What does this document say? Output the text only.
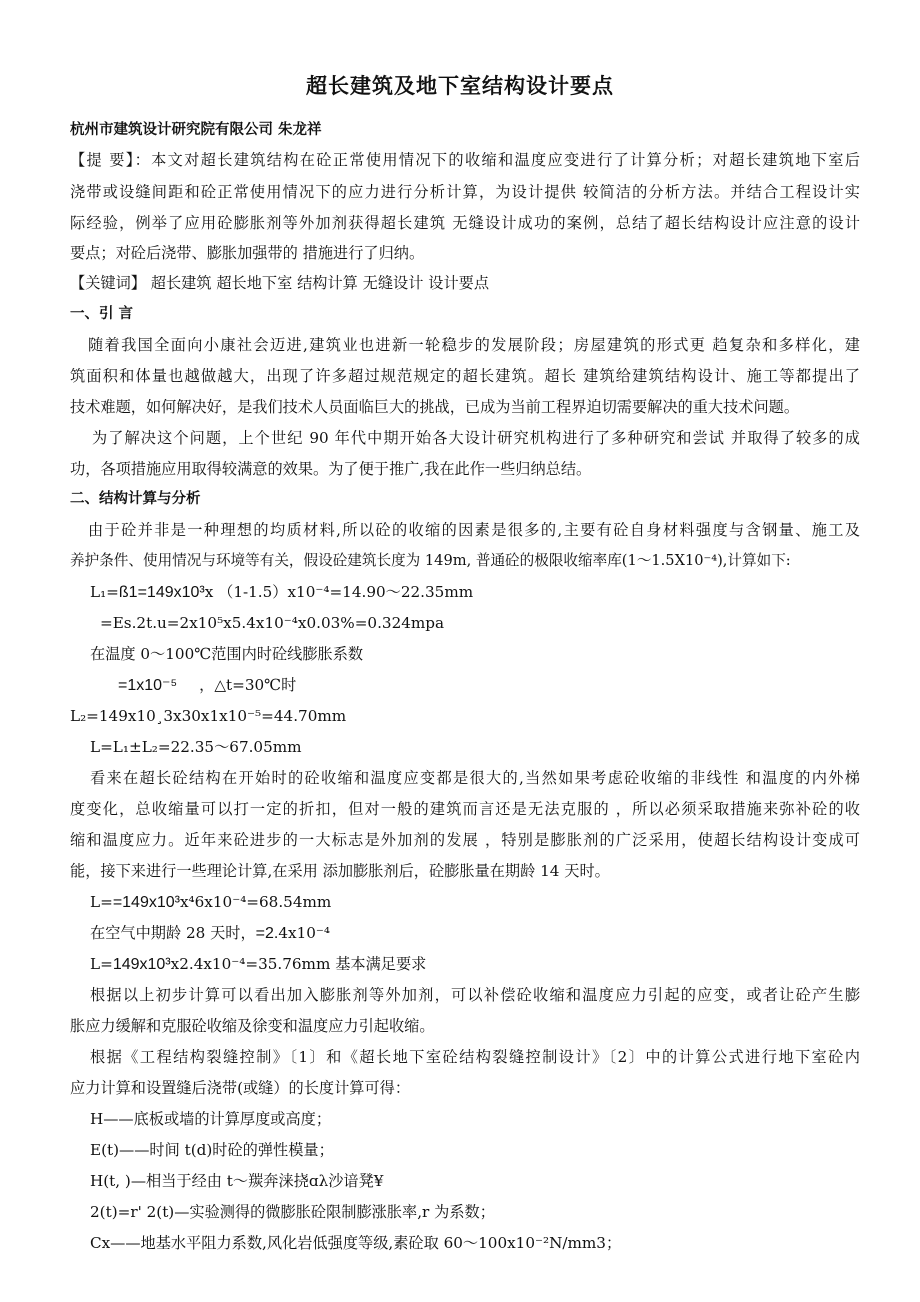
超长建筑及地下室结构设计要点
杭州市建筑设计研究院有限公司 朱龙祥
【提 要】：本文对超长建筑结构在砼正常使用情况下的收缩和温度应变进行了计算分析；对超长建筑地下室后
浇带或设缝间距和砼正常使用情况下的应力进行分析计算，为设计提供 较简洁的分析方法。并结合工程设计实
际经验，例举了应用砼膨胀剂等外加剂获得超长建筑 无缝设计成功的案例，总结了超长结构设计应注意的设计
要点；对砼后浇带、膨胀加强带的 措施进行了归纳。
【关键词】 超长建筑 超长地下室 结构计算 无缝设计 设计要点
一、引 言
随着我国全面向小康社会迈进,建筑业也进新一轮稳步的发展阶段；房屋建筑的形式更 趋复杂和多样化，建
筑面积和体量也越做越大，出现了许多超过规范规定的超长建筑。超长 建筑给建筑结构设计、施工等都提出了
技术难题，如何解决好，是我们技术人员面临巨大的挑战，已成为当前工程界迫切需要解决的重大技术问题。
为了解决这个问题，上个世纪 90 年代中期开始各大设计研究机构进行了多种研究和尝试 并取得了较多的成
功，各项措施应用取得较满意的效果。为了便于推广,我在此作一些归纳总结。
二、结构计算与分析
由于砼并非是一种理想的均质材料,所以砼的收缩的因素是很多的,主要有砼自身材料强度与含钢量、施工及
养护条件、使用情况与环境等有关，假设砼建筑长度为 149m, 普通砼的极限收缩率库(1～1.5X10⁻⁴),计算如下:
L₁=ß1=149x10³x （1-1.5）x10⁻⁴=14.90～22.35mm
=Es.2t.u=2x10⁵x5.4x10⁻⁴x0.03%=0.324mpa
在温度 0～100℃范围内时砼线膨胀系数
=1x10⁻⁵ ，△t=30℃时
L₂=149x10¸3x30x1x10⁻⁵=44.70mm
L=L₁±L₂=22.35～67.05mm
看来在超长砼结构在开始时的砼收缩和温度应变都是很大的,当然如果考虑砼收缩的非线性 和温度的内外梯
度变化，总收缩量可以打一定的折扣，但对一般的建筑而言还是无法克服的 ，所以必须采取措施来弥补砼的收
缩和温度应力。近年来砼进步的一大标志是外加剂的发展 ，特别是膨胀剂的广泛采用，使超长结构设计变成可
能，接下来进行一些理论计算,在采用 添加膨胀剂后，砼膨胀量在期龄 14 天时。
L==149x10³x⁴6x10⁻⁴=68.54mm
在空气中期龄 28 天时，=2.4x10⁻⁴
L=149x10³x2.4x10⁻⁴=35.76mm 基本满足要求
根据以上初步计算可以看出加入膨胀剂等外加剂，可以补偿砼收缩和温度应力引起的应变，或者让砼产生膨
胀应力缓解和克服砼收缩及徐变和温度应力引起收缩。
根据《工程结构裂缝控制》〔1〕和《超长地下室砼结构裂缝控制设计》〔2〕中的计算公式进行地下室砼内
应力计算和设置缝后浇带(或缝）的长度计算可得：
H——底板或墙的计算厚度或高度；
E(t)——时间 t(d)时砼的弹性模量；
H(t, )—相当于经由 t～羰奔涞挠ɑλ沙谙凳¥
2(t)=r' 2(t)—实验测得的微膨胀砼限制膨涨胀率,r 为系数；
Cx——地基水平阻力系数,风化岩低强度等级,素砼取 60～100x10⁻²N/mm3；
